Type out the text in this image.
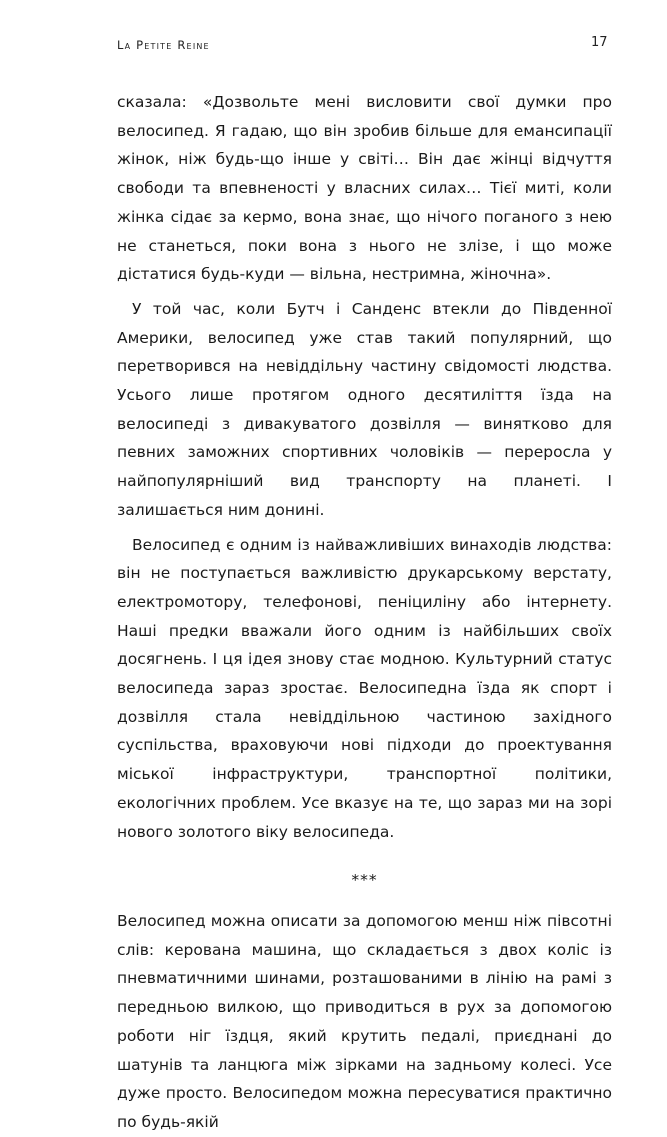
La Petite Reine	17

сказала: «Дозвольте мені висловити свої думки про велосипед. Я гадаю, що він зробив більше для емансипації жінок, ніж будь-що інше у світі… Він дає жінці відчуття свободи та впевненості у власних силах… Тієї миті, коли жінка сідає за кермо, вона знає, що нічого поганого з нею не станеться, поки вона з нього не злізе, і що може дістатися будь-куди — вільна, нестримна, жіночна».

У той час, коли Бутч і Санденс втекли до Південної Америки, велосипед уже став такий популярний, що перетворився на невіддільну частину свідомості людства. Усього лише протягом одного десятиліття їзда на велосипеді з дивакуватого дозвілля — винятково для певних заможних спортивних чоловіків — переросла у найпопулярніший вид транспорту на планеті. І залишається ним донині.

Велосипед є одним із найважливіших винаходів людства: він не поступається важливістю друкарському верстату, електромотору, телефонові, пеніциліну або інтернету. Наші предки вважали його одним із найбільших своїх досягнень. І ця ідея знову стає модною. Культурний статус велосипеда зараз зростає. Велосипедна їзда як спорт і дозвілля стала невіддільною частиною західного суспільства, враховуючи нові підходи до проектування міської інфраструктури, транспортної політики, екологічних проблем. Усе вказує на те, що зараз ми на зорі нового золотого віку велосипеда.

***

Велосипед можна описати за допомогою менш ніж півсотні слів: керована машина, що складається з двох коліс із пневматичними шинами, розташованими в лінію на рамі з передньою вилкою, що приводиться в рух за допомогою роботи ніг їздця, який крутить педалі, приєднані до шатунів та ланцюга між зірками на задньому колесі. Усе дуже просто. Велосипедом можна пересуватися практично по будь-якій
